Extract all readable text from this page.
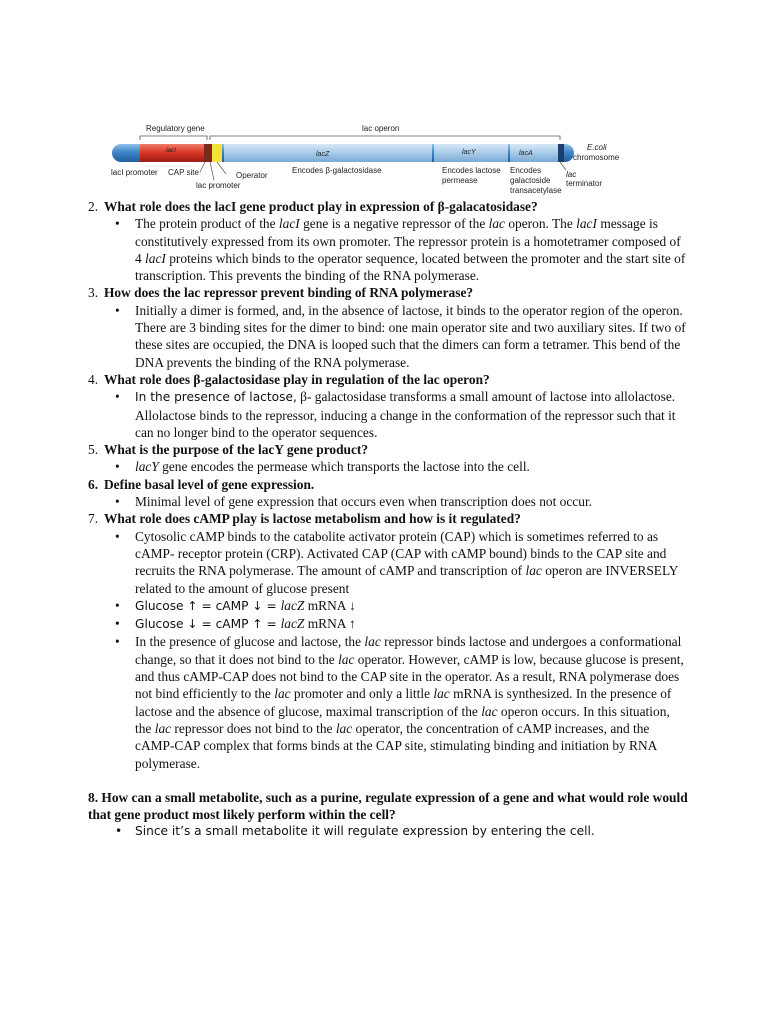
Regulatory gene	lac operon
lacI
lacZ	lacY	lacA
E.coli
chromosome
lacI promoter CAP site	Operator
lac promoter
Encodes β-galactosidase	Encodes lactose
permease
Encodes
galactoside
transacetylase
lac
terminator

2. What role does the lacI gene product play in expression of β-galacatosidase?

• The protein product of the lacI gene is a negative repressor of the lac operon. The lacI message is constitutively expressed from its own promoter. The repressor protein is a homotetramer composed of 4 lacI proteins which binds to the operator sequence, located between the promoter and the start site of transcription. This prevents the binding of the RNA polymerase.

3. How does the lac repressor prevent binding of RNA polymerase?

• Initially a dimer is formed, and, in the absence of lactose, it binds to the operator region of the operon. There are 3 binding sites for the dimer to bind: one main operator site and two auxiliary sites. If two of these sites are occupied, the DNA is looped such that the dimers can form a tetramer. This bend of the DNA prevents the binding of the RNA polymerase.

4. What role does β-galactosidase play in regulation of the lac operon?

• In the presence of lactose, β- galactosidase transforms a small amount of lactose into allolactose. Allolactose binds to the repressor, inducing a change in the conformation of the repressor such that it can no longer bind to the operator sequences.

5. What is the purpose of the lacY gene product?

• lacY gene encodes the permease which transports the lactose into the cell.

6. Define basal level of gene expression.

• Minimal level of gene expression that occurs even when transcription does not occur.

7. What role does cAMP play is lactose metabolism and how is it regulated?

• Cytosolic cAMP binds to the catabolite activator protein (CAP) which is sometimes referred to as cAMP- receptor protein (CRP). Activated CAP (CAP with cAMP bound) binds to the CAP site and recruits the RNA polymerase. The amount of cAMP and transcription of lac operon are INVERSELY related to the amount of glucose present
• Glucose ↑ = cAMP ↓ = lacZ mRNA ↓
• Glucose ↓ = cAMP ↑ = lacZ mRNA ↑
• In the presence of glucose and lactose, the lac repressor binds lactose and undergoes a conformational change, so that it does not bind to the lac operator. However, cAMP is low, because glucose is present, and thus cAMP-CAP does not bind to the CAP site in the operator. As a result, RNA polymerase does not bind efficiently to the lac promoter and only a little lac mRNA is synthesized. In the presence of lactose and the absence of glucose, maximal transcription of the lac operon occurs. In this situation, the lac repressor does not bind to the lac operator, the concentration of cAMP increases, and the cAMP-CAP complex that forms binds at the CAP site, stimulating binding and initiation by RNA polymerase.

8. How can a small metabolite, such as a purine, regulate expression of a gene and what would role would that gene product most likely perform within the cell?

• Since it’s a small metabolite it will regulate expression by entering the cell.
